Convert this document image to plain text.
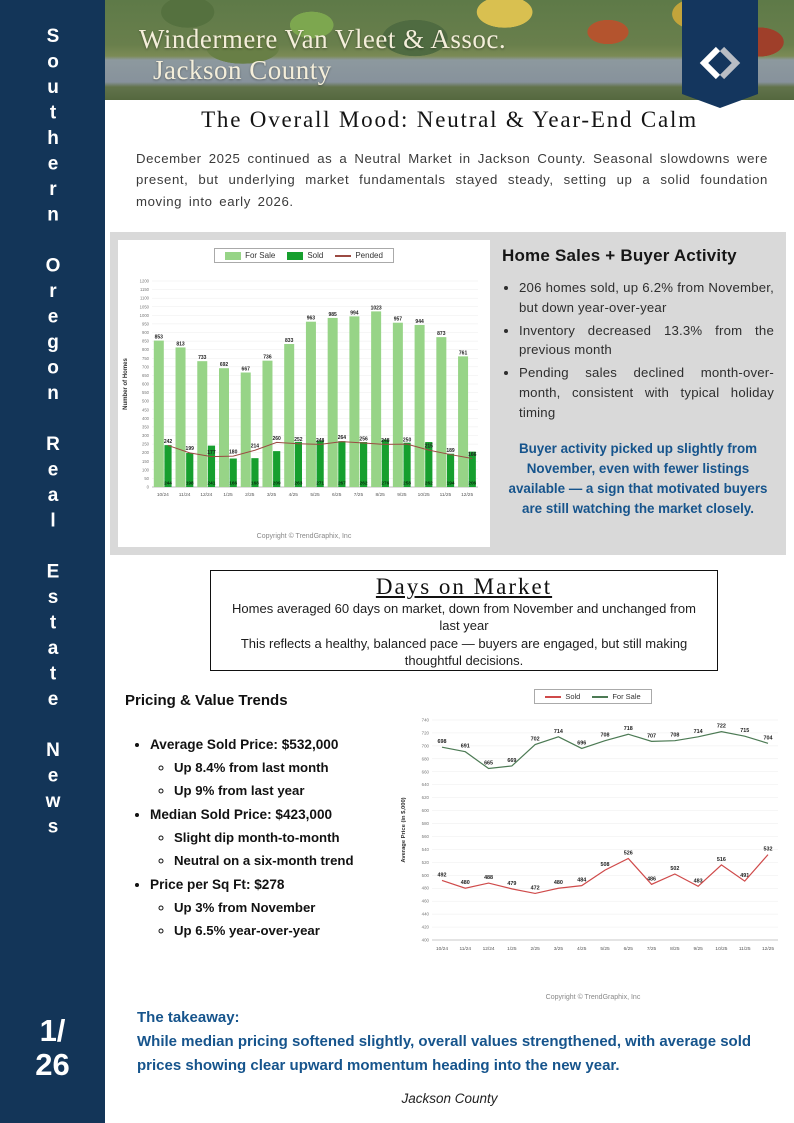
Southern Oregon Real Estate News
1/
26
Windermere Van Vleet & Assoc.
Jackson County
The Overall Mood: Neutral & Year-End Calm
December 2025 continued as a Neutral Market in Jackson County. Seasonal slowdowns were present, but underlying market fundamentals stayed steady, setting up a solid foundation moving into early 2026.
For Sale	Sold	Pended
0
50
100
150
200
250
300
350
400
450
500
550
600
650
700
750
800
850
900
950
1000
1050
1100
1150
1200
Number of Homes
853
244
242
10/24
813
198
199
11/24
733
241
177
12/24
692
166
180
1/25
667
168
214
2/25
736
209
260
3/25
833
263
252
4/25
963
271
248
5/25
985
267
264
6/25
994
262
256
7/25
1023
276
248
8/25
957
258
250
9/25
944
262
215
10/25
873
194
189
11/25
761
206
166
12/25
Copyright © TrendGraphix, Inc
Home Sales + Buyer Activity
• 206 homes sold, up 6.2% from November, but down year-over-year
• Inventory decreased 13.3% from the previous month
• Pending sales declined month-over-month, consistent with typical holiday timing
Buyer activity picked up slightly from November, even with fewer listings available — a sign that motivated buyers are still watching the market closely.
Days on Market
Homes averaged 60 days on market, down from November and unchanged from last year
This reflects a healthy, balanced pace — buyers are engaged, but still making thoughtful decisions.
Pricing & Value Trends
• Average Sold Price: $532,000
◦ Up 8.4% from last month
◦ Up 9% from last year
• Median Sold Price: $423,000
◦ Slight dip month-to-month
◦ Neutral on a six-month trend
• Price per Sq Ft: $278
◦ Up 3% from November
◦ Up 6.5% year-over-year
Sold	For Sale
400
420
440
460
480
500
520
540
560
580
600
620
640
660
680
700
720
740
Average Price (in $,000)
10/24 11/24 12/24	1/25	2/25	3/25	4/25	5/25	6/25	7/25	8/25	9/25	10/25 11/25 12/25
492
480
488
479
472
480	484
508
526
486
502
483
516
491
532
698
691
665	669
702
714
696
708
718
707	708
714
722
715
704
Copyright © TrendGraphix, Inc
The takeaway:
While median pricing softened slightly, overall values strengthened, with average sold prices showing clear upward momentum heading into the new year.
Jackson County
